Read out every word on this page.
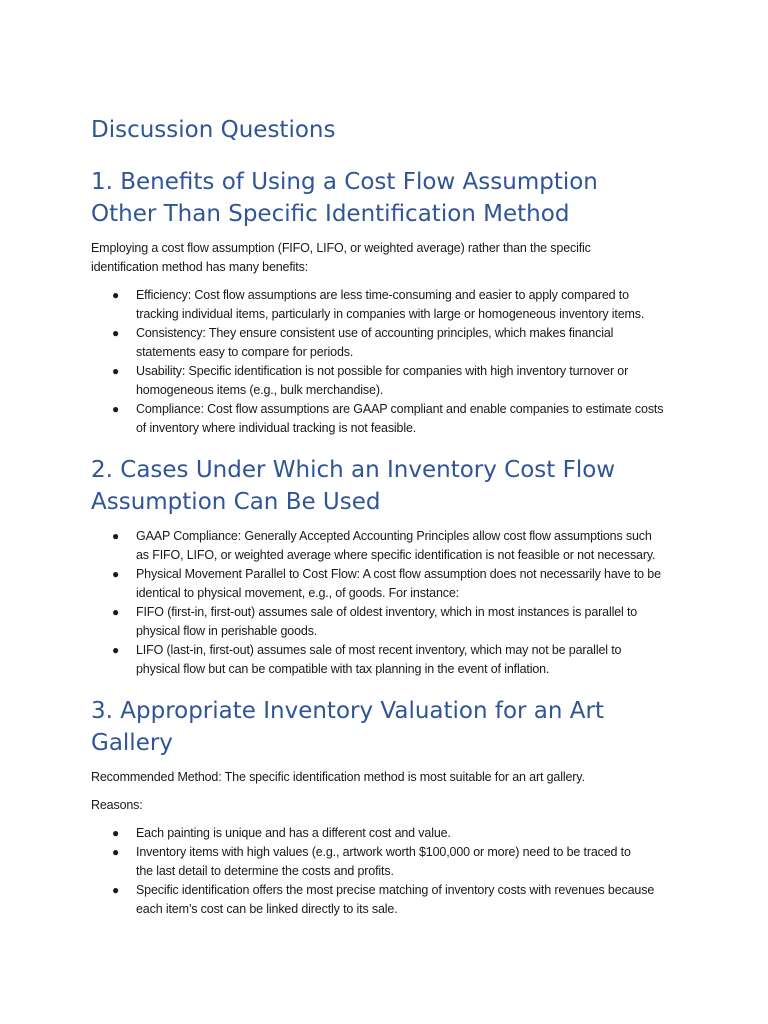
Discussion Questions
1. Benefits of Using a Cost Flow Assumption
Other Than Specific Identification Method

Employing a cost flow assumption (FIFO, LIFO, or weighted average) rather than the specific
identification method has many benefits:

● Efficiency: Cost flow assumptions are less time-consuming and easier to apply compared to
tracking individual items, particularly in companies with large or homogeneous inventory items.
● Consistency: They ensure consistent use of accounting principles, which makes financial
statements easy to compare for periods.
● Usability: Specific identification is not possible for companies with high inventory turnover or
homogeneous items (e.g., bulk merchandise).
● Compliance: Cost flow assumptions are GAAP compliant and enable companies to estimate costs
of inventory where individual tracking is not feasible.
2. Cases Under Which an Inventory Cost Flow
Assumption Can Be Used
● GAAP Compliance: Generally Accepted Accounting Principles allow cost flow assumptions such
as FIFO, LIFO, or weighted average where specific identification is not feasible or not necessary.
● Physical Movement Parallel to Cost Flow: A cost flow assumption does not necessarily have to be
identical to physical movement, e.g., of goods. For instance:
● FIFO (first-in, first-out) assumes sale of oldest inventory, which in most instances is parallel to
physical flow in perishable goods.
● LIFO (last-in, first-out) assumes sale of most recent inventory, which may not be parallel to
physical flow but can be compatible with tax planning in the event of inflation.
3. Appropriate Inventory Valuation for an Art
Gallery

Recommended Method: The specific identification method is most suitable for an art gallery.

Reasons:

● Each painting is unique and has a different cost and value.
● Inventory items with high values (e.g., artwork worth $100,000 or more) need to be traced to
the last detail to determine the costs and profits.
● Specific identification offers the most precise matching of inventory costs with revenues because
each item’s cost can be linked directly to its sale.
